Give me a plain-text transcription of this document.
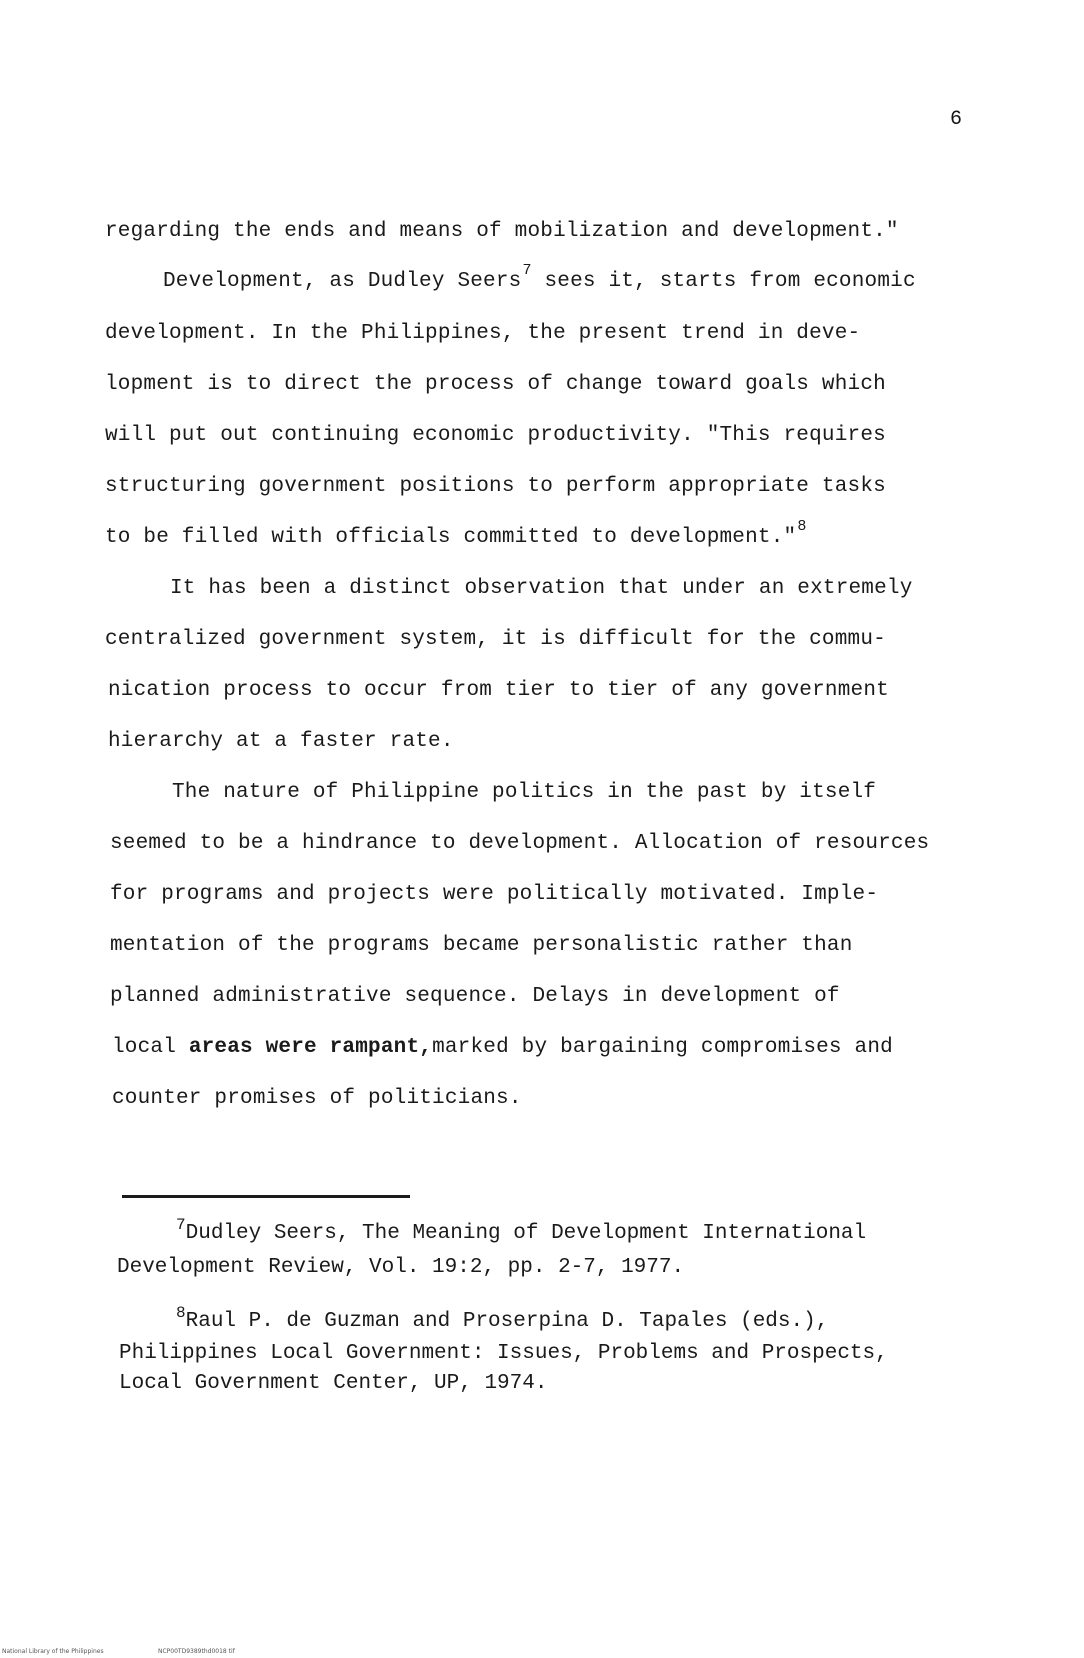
6
regarding the ends and means of mobilization and development."
Development, as Dudley Seers$^7$ sees it, starts from economic
development. In the Philippines, the present trend in deve-
lopment is to direct the process of change toward goals which
will put out continuing economic productivity. "This requires
structuring government positions to perform appropriate tasks
to be filled with officials committed to development."$^8$
It has been a distinct observation that under an extremely
centralized government system, it is difficult for the commu-
nication process to occur from tier to tier of any government
hierarchy at a faster rate.
The nature of Philippine politics in the past by itself
seemed to be a hindrance to development. Allocation of resources
for programs and projects were politically motivated. Imple-
mentation of the programs became personalistic rather than
planned administrative sequence. Delays in development of
local areas were rampant,marked by bargaining compromises and
counter promises of politicians.
$^7$Dudley Seers, The Meaning of Development International
Development Review, Vol. 19:2, pp. 2-7, 1977.
$^8$Raul P. de Guzman and Proserpina D. Tapales (eds.),
Philippines Local Government: Issues, Problems and Prospects,
Local Government Center, UP, 1974.
National Library of the Philippines	NCP00TD9389thd0018 tif
